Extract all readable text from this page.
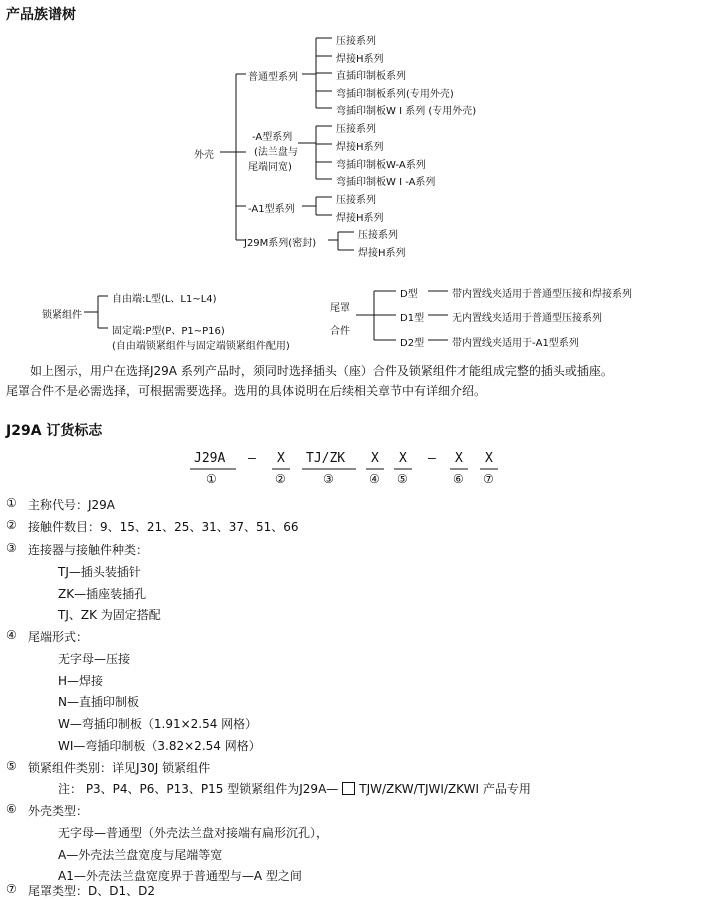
产品族谱树
外壳
普通型系列
-A型系列
(法兰盘与
尾端同宽)
-A1型系列
J29M系列(密封)
压接系列
焊接H系列
直插印制板系列
弯插印制板系列(专用外壳)
弯插印制板W I 系列 (专用外壳)
压接系列
焊接H系列
弯插印制板W-A系列
弯插印制板W I -A系列
压接系列
焊接H系列
压接系列
焊接H系列
锁紧组件
自由端:L型(L、L1~L4)
固定端:P型(P、P1~P16)
(自由端锁紧组件与固定端锁紧组件配用)
尾罩
合件
D型	带内置线夹适用于普通型压接和焊接系列
D1型	无内置线夹适用于普通型压接系列
D2型	带内置线夹适用于-A1型系列
如上图示，用户在选择J29A 系列产品时，须同时选择插头（座）合件及锁紧组件才能组成完整的插头或插座。
尾罩合件不是必需选择，可根据需要选择。选用的具体说明在后续相关章节中有详细介绍。
J29A 订货标志
J29A – X TJ/ZK X X – X X
①	②	③	④ ⑤	⑥ ⑦
① 主称代号：J29A
② 接触件数目：9、15、21、25、31、37、51、66
③ 连接器与接触件种类：
TJ—插头装插针
ZK—插座装插孔
TJ、ZK 为固定搭配
④ 尾端形式：
无字母—压接
H—焊接
N—直插印制板
W—弯插印制板（1.91×2.54 网格）
WI—弯插印制板（3.82×2.54 网格）
⑤ 锁紧组件类别：详见J30J 锁紧组件
注： P3、P4、P6、P13、P15 型锁紧组件为J29A— TJW/ZKW/TJWI/ZKWI 产品专用
⑥ 外壳类型：
无字母—普通型（外壳法兰盘对接端有扁形沉孔），
A—外壳法兰盘宽度与尾端等宽
A1—外壳法兰盘宽度界于普通型与—A 型之间
⑦ 尾罩类型：D、D1、D2
